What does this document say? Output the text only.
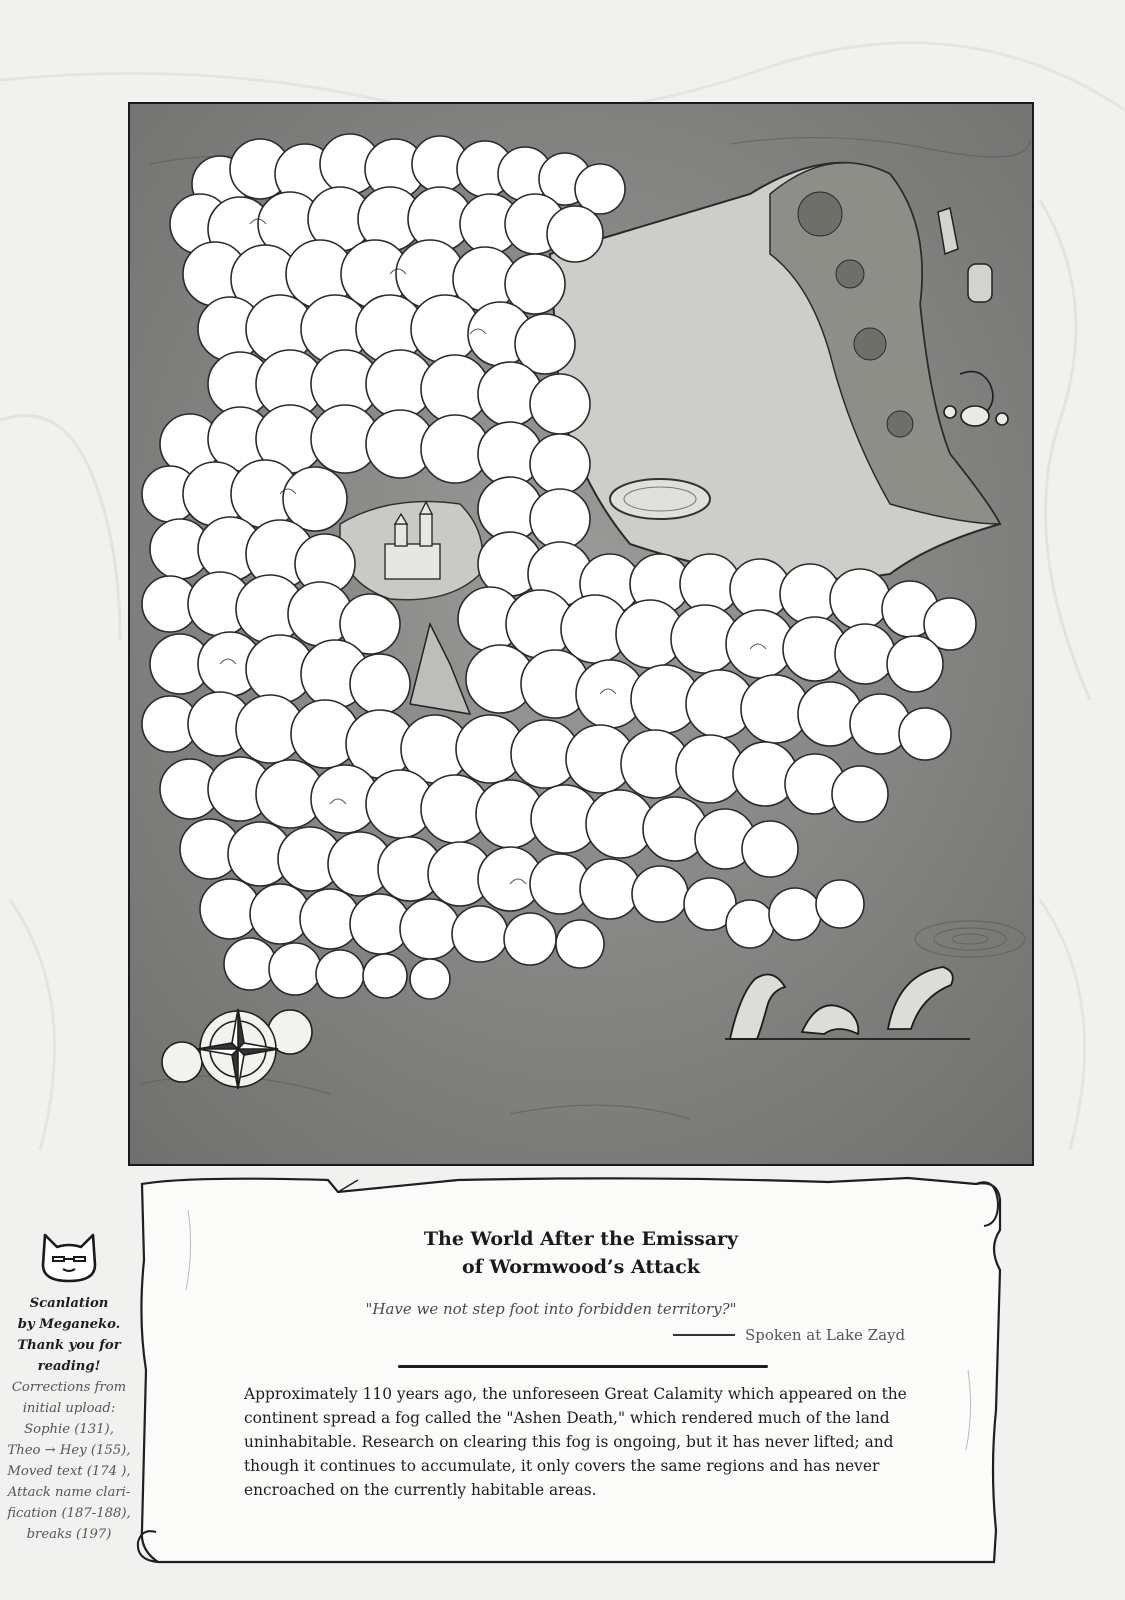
The World After the Emissary
of Wormwood’s Attack
"Have we not step foot into forbidden territory?"
Spoken at Lake Zayd
Approximately 110 years ago, the unforeseen Great Calamity which appeared on the continent spread a fog called the "Ashen Death," which rendered much of the land uninhabitable. Research on clearing this fog is ongoing, but it has never lifted; and though it continues to accumulate, it only covers the same regions and has never encroached on the currently habitable areas.
Scanlation
by Meganeko.
Thank you for
reading!
Corrections from
initial upload:
Sophie (131),
Theo → Hey (155),
Moved text (174 ),
Attack name clari-
fication (187-188),
breaks (197)
